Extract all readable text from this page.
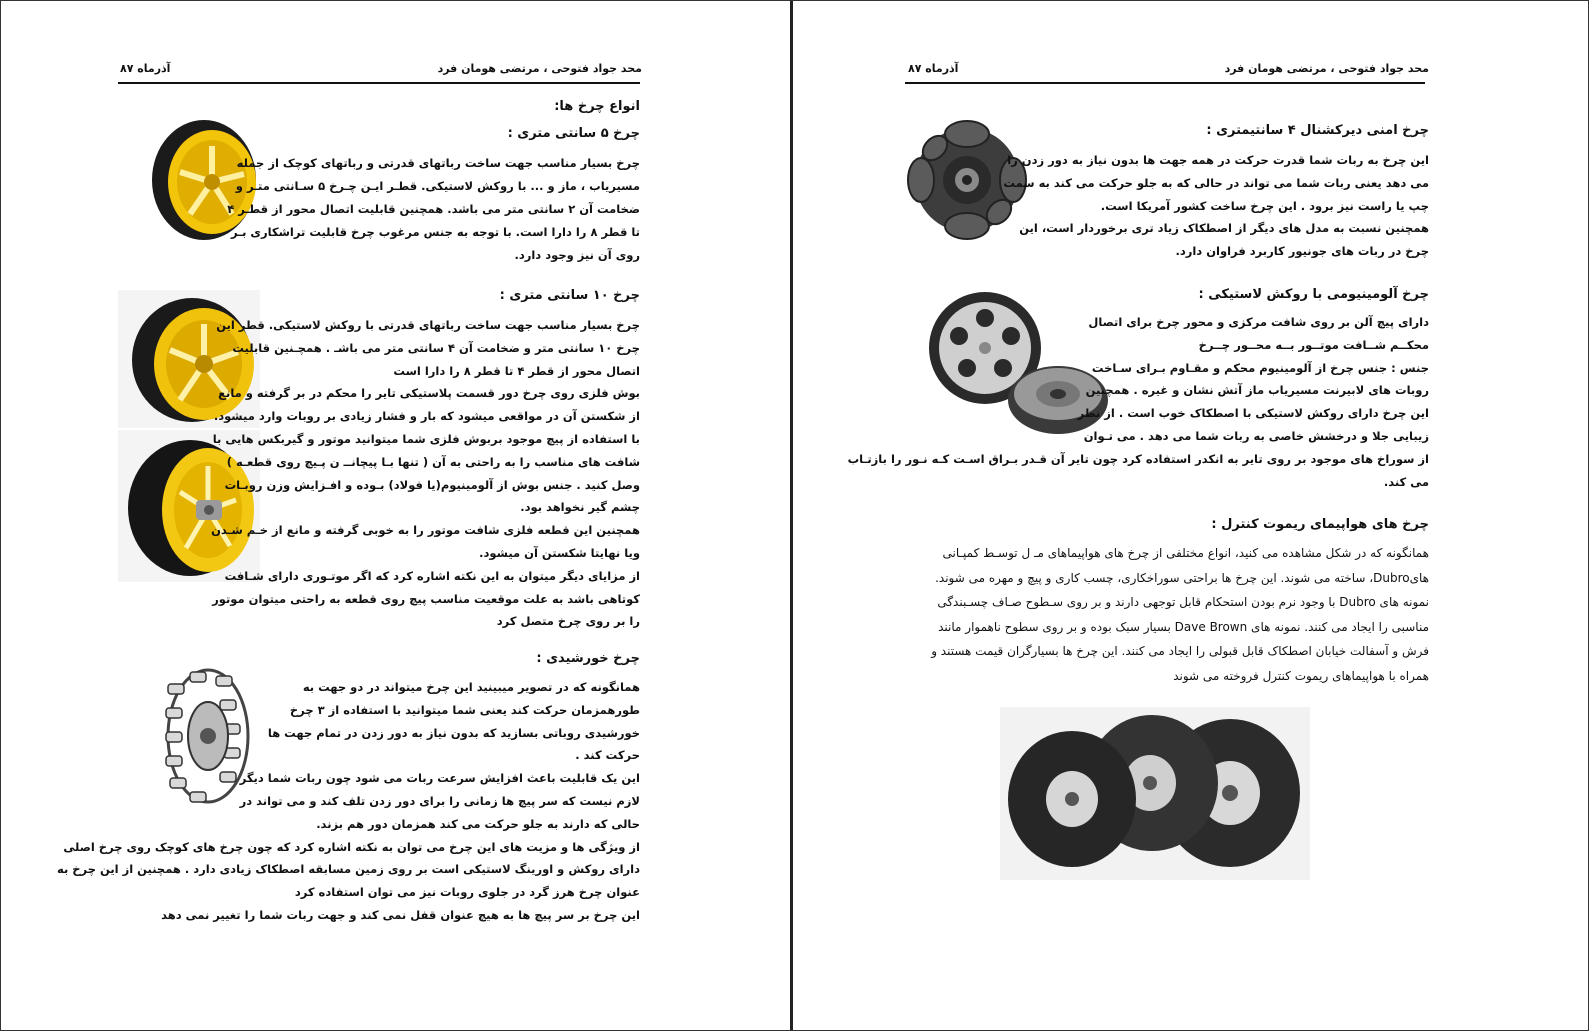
آذرماه ۸۷	محد جواد فتوحی ، مرتضی هومان فرد
انواع چرخ ها:
چرخ ۵ سانتی متری :
چرخ بسیار مناسب جهت ساخت رباتهای قدرتی و رباتهای کوچک از جمله
مسیریاب ، ماز و ... با روکش لاستیکی. قطـر ایـن چـرخ ۵ سـانتی متـر و
ضخامت آن ۲ سانتی متر می باشد. همچنین قابلیت اتصال محور از قطـر ۴
تا قطر ۸ را دارا است. با توجه به جنس مرغوب چرخ قابلیت تراشکاری بـر
روی آن نیز وجود دارد.
چرخ ۱۰ سانتی متری :
چرخ بسیار مناسب جهت ساخت رباتهای قدرتی با روکش لاستیکی. قطر این
چرخ ۱۰ سانتی متر و ضخامت آن ۴ سانتی متر می باشـ . همچـنین قابلیت
اتصال محور از قطر ۴ تا قطر ۸ را دارا است
بوش فلزی روی چرخ دور قسمت پلاستیکی تایر را محکم در بر گرفته و مانع
از شکستن آن در مواقعی میشود که بار و فشار زیادی بر روبات وارد میشود.
با استفاده از پیچ موجود بربوش فلزی شما میتوانید موتور و گیربکس هایی با
شافت های مناسب را به راحتی به آن ( تنها بـا پیچانــ ن پـیچ روی قطعـه )
وصل کنید . جنس بوش از آلومینیوم(یا فولاد) بـوده و افـزایش وزن روبـات
چشم گیر نخواهد بود.
همچنین این قطعه فلزی شافت موتور را به خوبی گرفته و مانع از خـم شـدن
ویا نهایتا شکستن آن میشود.
از مزایای دیگر میتوان به این نکته اشاره کرد که اگر موتـوری دارای شـافت
کوتاهی باشد به علت موقعیت مناسب پیچ روی قطعه به راحتی میتوان موتور
را بر روی چرخ متصل کرد
چرخ خورشیدی :
همانگونه که در تصویر میبینید این چرخ میتواند در دو جهت به
طورهمزمان حرکت کند یعنی شما میتوانید با استفاده از ۳ چرخ
خورشیدی روباتی بسازید که بدون نیاز به دور زدن در تمام جهت ها
حرکت کند .
این یک قابلیت باعث افزایش سرعت ربات می شود چون ربات شما دیگر
لازم نیست که سر پیچ ها زمانی را برای دور زدن تلف کند و می تواند در
حالی که دارند به جلو حرکت می کند همزمان دور هم بزند.
از ویژگی ها و مزیت های این چرخ می توان به نکته اشاره کرد که چون چرخ های کوچک روی چرخ اصلی
دارای روکش و اورینگ لاستیکی است بر روی زمین مسابقه اصطکاک زیادی دارد . همچنین از این چرخ به
عنوان چرخ هرز گرد در جلوی روبات نیز می توان استفاده کرد
این چرخ بر سر پیچ ها به هیچ عنوان قفل نمی کند و جهت ربات شما را تغییر نمی دهد
آذرماه ۸۷	محد جواد فتوحی ، مرتضی هومان فرد
چرخ امنی دیرکشنال ۴ سانتیمتری :
این چرخ به ربات شما قدرت حرکت در همه جهت ها بدون نیاز به دور زدن را
می دهد یعنی ربات شما می تواند در حالی که به جلو حرکت می کند به سمت
چپ یا راست نیز برود . این چرخ ساخت کشور آمریکا است.
همچنین نسبت به مدل های دیگر از اصطکاک زیاد تری برخوردار است، این
چرخ در ربات های جونیور کاربرد فراوان دارد.
چرخ آلومینیومی با روکش لاستیکی :
دارای پیچ آلن بر روی شافت مرکزی و محور چرخ برای اتصال
محکــم شــافت موتــور بــه محــور چــرخ
جنس : جنس چرخ از آلومینیوم محکم و مقـاوم بـرای سـاخت
روبات های لابیرنت مسیریاب ماز آتش نشان و غیره . همچنین
این چرخ دارای روکش لاستیکی با اصطکاک خوب است . از نظر
زیبایی جلا و درخشش خاصی به ربات شما می دهد . می تـوان
از سوراخ های موجود بر روی تایر به انکدر استفاده کرد چون تایر آن قـدر بـراق اسـت کـه نـور را بازتـاب
می کند.
چرخ های هواپیمای ریموت کنترل :
همانگونه که در شکل مشاهده می کنید، انواع مختلفی از چرخ های هواپیماهای مـ ل توسـط کمپـانی
هایDubro، ساخته می شوند. این چرخ ها براحتی سوراخکاری، چسب کاری و پیچ و مهره می شوند.
نمونه های Dubro با وجود نرم بودن استحکام قابل توجهی دارند و بر روی سـطوح صـاف چسـبندگی
مناسبی را ایجاد می کنند. نمونه های Dave Brown بسیار سبک بوده و بر روی سطوح ناهموار مانند
فرش و آسفالت خیابان اصطکاک قابل قبولی را ایجاد می کنند. این چرخ ها بسیارگران قیمت هستند و
همراه با هواپیماهای ریموت کنترل فروخته می شوند
